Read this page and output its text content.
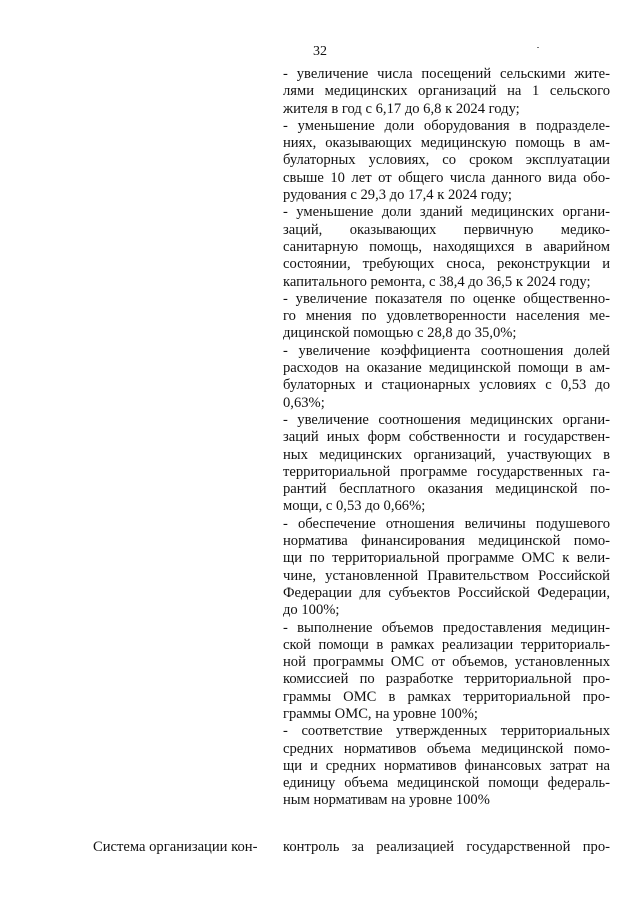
32
- увеличение числа посещений сельскими жите-
лями медицинских организаций на 1 сельского
жителя в год с 6,17 до 6,8 к 2024 году;
- уменьшение доли оборудования в подразделе-
ниях, оказывающих медицинскую помощь в ам-
булаторных условиях, со сроком эксплуатации
свыше 10 лет от общего числа данного вида обо-
рудования с 29,3 до 17,4 к 2024 году;
- уменьшение доли зданий медицинских органи-
заций, оказывающих первичную медико-
санитарную помощь, находящихся в аварийном
состоянии, требующих сноса, реконструкции и
капитального ремонта, с 38,4 до 36,5 к 2024 году;
- увеличение показателя по оценке общественно-
го мнения по удовлетворенности населения ме-
дицинской помощью с 28,8 до 35,0%;
- увеличение коэффициента соотношения долей
расходов на оказание медицинской помощи в ам-
булаторных и стационарных условиях с 0,53 до
0,63%;
- увеличение соотношения медицинских органи-
заций иных форм собственности и государствен-
ных медицинских организаций, участвующих в
территориальной программе государственных га-
рантий бесплатного оказания медицинской по-
мощи, с 0,53 до 0,66%;
- обеспечение отношения величины подушевого
норматива финансирования медицинской помо-
щи по территориальной программе ОМС к вели-
чине, установленной Правительством Российской
Федерации для субъектов Российской Федерации,
до 100%;
- выполнение объемов предоставления медицин-
ской помощи в рамках реализации территориаль-
ной программы ОМС от объемов, установленных
комиссией по разработке территориальной про-
граммы ОМС в рамках территориальной про-
граммы ОМС, на уровне 100%;
- соответствие утвержденных территориальных
средних нормативов объема медицинской помо-
щи и средних нормативов финансовых затрат на
единицу объема медицинской помощи федераль-
ным нормативам на уровне 100%
Система организации кон-	контроль за реализацией государственной про-
